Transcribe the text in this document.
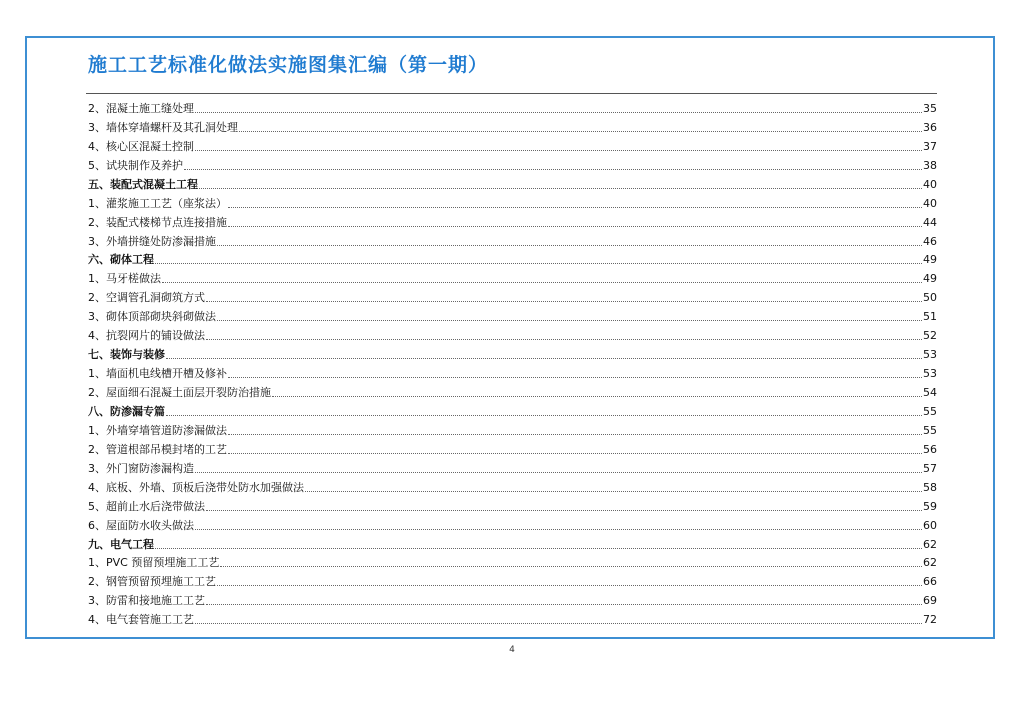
施工工艺标准化做法实施图集汇编（第一期）
2、混凝土施工缝处理	35
3、墙体穿墙螺杆及其孔洞处理	36
4、核心区混凝土控制	37
5、试块制作及养护	38
五、装配式混凝土工程	40
1、灌浆施工工艺（座浆法）	40
2、装配式楼梯节点连接措施	44
3、外墙拼缝处防渗漏措施	46
六、砌体工程	49
1、马牙槎做法	49
2、空调管孔洞砌筑方式	50
3、砌体顶部砌块斜砌做法	51
4、抗裂网片的铺设做法	52
七、装饰与装修	53
1、墙面机电线槽开槽及修补	53
2、屋面细石混凝土面层开裂防治措施	54
八、防渗漏专篇	55
1、外墙穿墙管道防渗漏做法	55
2、管道根部吊模封堵的工艺	56
3、外门窗防渗漏构造	57
4、底板、外墙、顶板后浇带处防水加强做法	58
5、超前止水后浇带做法	59
6、屋面防水收头做法	60
九、电气工程	62
1、PVC 预留预埋施工工艺	62
2、钢管预留预埋施工工艺	66
3、防雷和接地施工工艺	69
4、电气套管施工工艺	72
4
